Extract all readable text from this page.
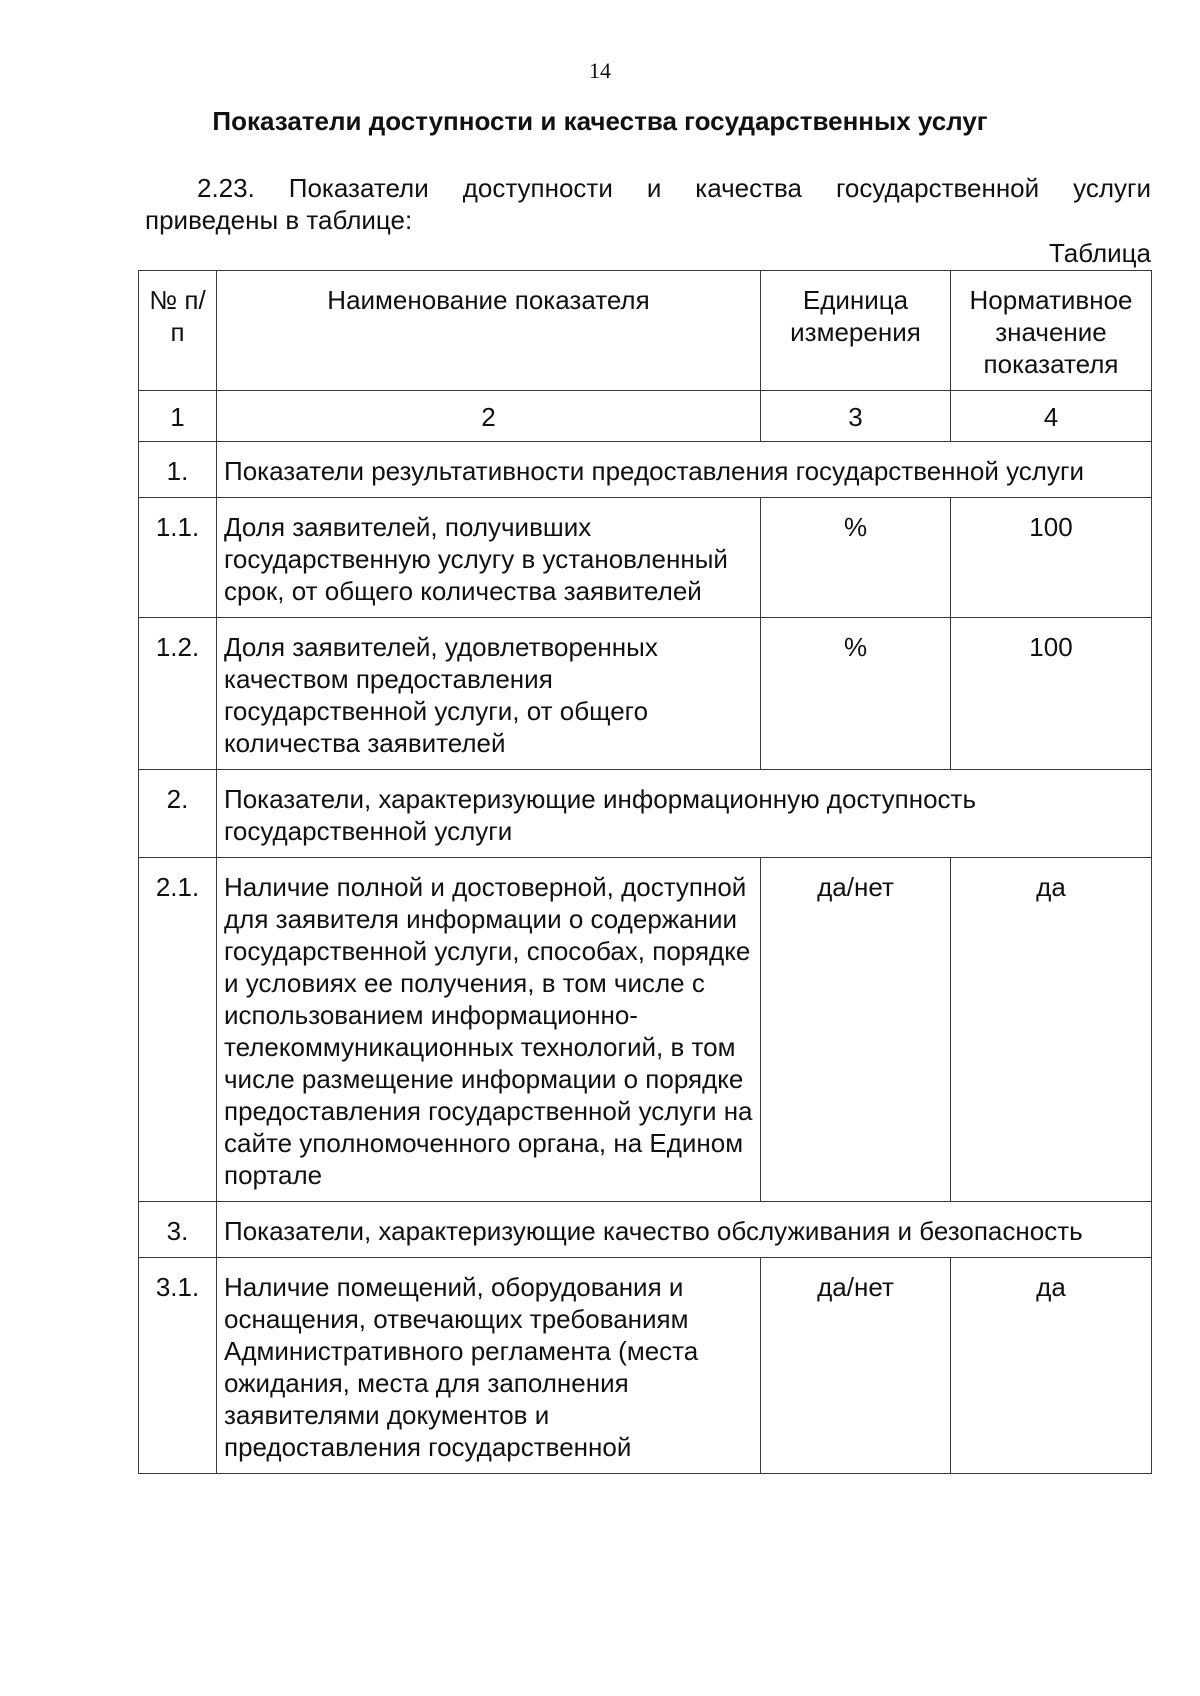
14
Показатели доступности и качества государственных услуг
2.23. Показатели доступности и качества государственной услуги
приведены в таблице:
Таблица
№ п/п	Наименование показателя	Единица измерения	Нормативное значение показателя
1	2	3	4
1.	Показатели результативности предоставления государственной услуги		
1.1.	Доля заявителей, получивших государственную услугу в установленный срок, от общего количества заявителей	%	100
1.2.	Доля заявителей, удовлетворенных качеством предоставления государственной услуги, от общего количества заявителей	%	100
2.	Показатели, характеризующие информационную доступность государственной услуги		
2.1.	Наличие полной и достоверной, доступной для заявителя информации о содержании государственной услуги, способах, порядке и условиях ее получения, в том числе с использованием информационно-телекоммуникационных технологий, в том числе размещение информации о порядке предоставления государственной услуги на сайте уполномоченного органа, на Едином портале	да/нет	да
3.	Показатели, характеризующие качество обслуживания и безопасность		
3.1.	Наличие помещений, оборудования и оснащения, отвечающих требованиям Административного регламента (места ожидания, места для заполнения заявителями документов и предоставления государственной	да/нет	да
